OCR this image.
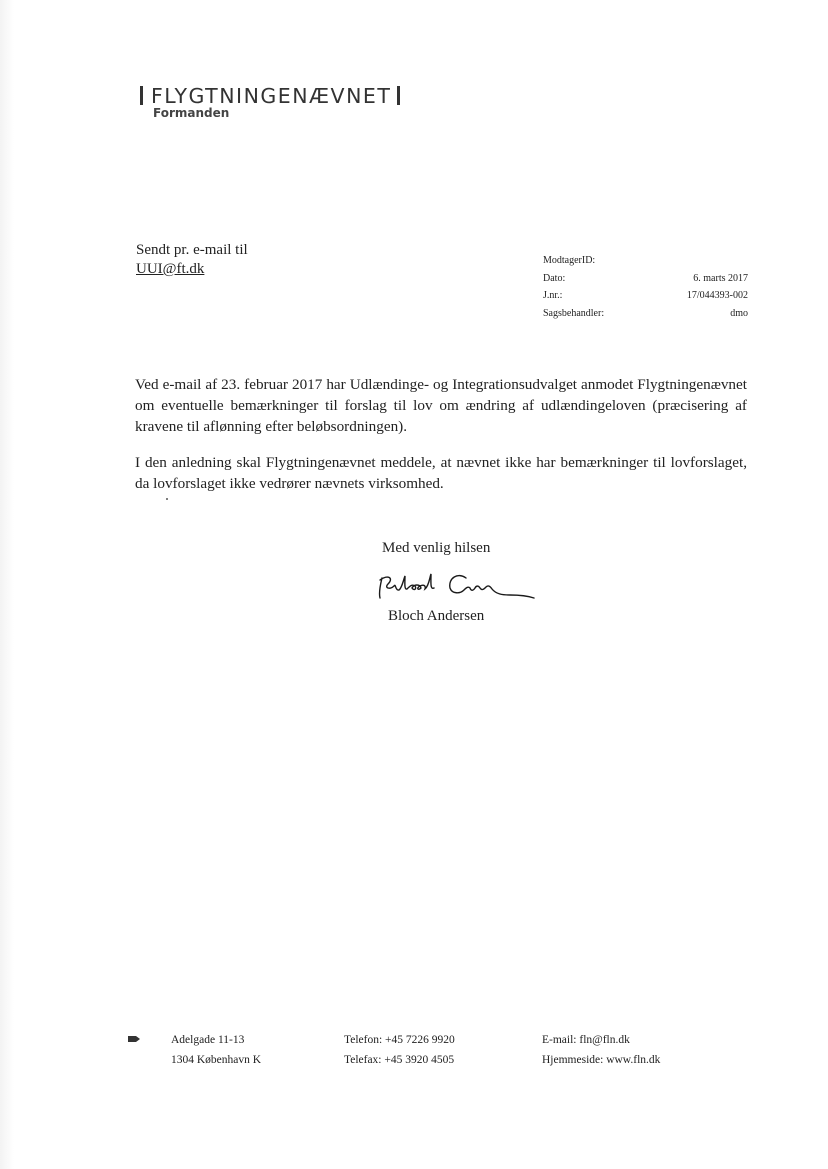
FLYGTNINGENÆVNET
Formanden
Sendt pr. e-mail til
UUI@ft.dk
ModtagerID:
Dato:	6. marts 2017
J.nr.:	17/044393-002
Sagsbehandler:	dmo

Ved e-mail af 23. februar 2017 har Udlændinge- og Integrationsudvalget anmodet Flygtningenævnet om eventuelle bemærkninger til forslag til lov om ændring af udlændingeloven (præcisering af kravene til aflønning efter beløbsordningen).

I den anledning skal Flygtningenævnet meddele, at nævnet ikke har bemærkninger til lovforslaget, da lovforslaget ikke vedrører nævnets virksomhed.

Med venlig hilsen
Bloch Andersen
Adelgade 11-13
1304 København K
Telefon: +45 7226 9920
Telefax: +45 3920 4505
E-mail: fln@fln.dk
Hjemmeside: www.fln.dk
